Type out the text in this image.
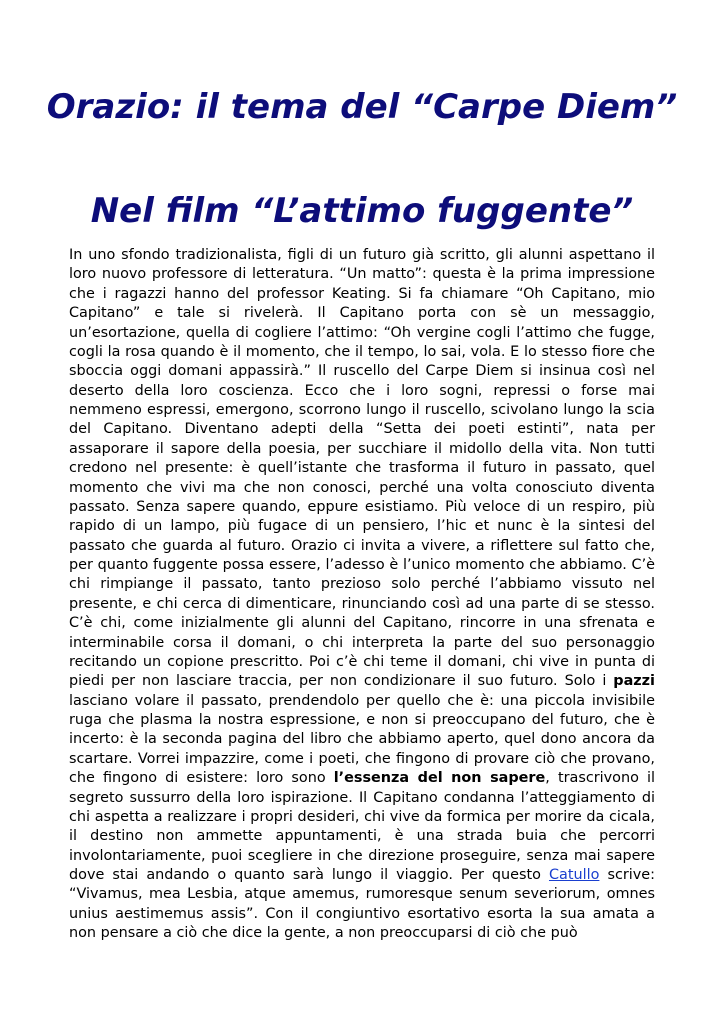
Orazio: il tema del “Carpe Diem”
Nel film “L’attimo fuggente”

In uno sfondo tradizionalista, figli di un futuro già scritto, gli alunni aspettano il loro nuovo professore di letteratura. “Un matto”: questa è la prima impressione che i ragazzi hanno del professor Keating. Si fa chiamare “Oh Capitano, mio Capitano” e tale si rivelerà. Il Capitano porta con sè un messaggio, un’esortazione, quella di cogliere l’attimo: “Oh vergine cogli l’attimo che fugge, cogli la rosa quando è il momento, che il tempo, lo sai, vola. E lo stesso fiore che sboccia oggi domani appassirà.” Il ruscello del Carpe Diem si insinua così nel deserto della loro coscienza. Ecco che i loro sogni, repressi o forse mai nemmeno espressi, emergono, scorrono lungo il ruscello, scivolano lungo la scia del Capitano. Diventano adepti della “Setta dei poeti estinti”, nata per assaporare il sapore della poesia, per succhiare il midollo della vita. Non tutti credono nel presente: è quell’istante che trasforma il futuro in passato, quel momento che vivi ma che non conosci, perché una volta conosciuto diventa passato. Senza sapere quando, eppure esistiamo. Più veloce di un respiro, più rapido di un lampo, più fugace di un pensiero, l’hic et nunc è la sintesi del passato che guarda al futuro. Orazio ci invita a vivere, a riflettere sul fatto che, per quanto fuggente possa essere, l’adesso è l’unico momento che abbiamo. C’è chi rimpiange il passato, tanto prezioso solo perché l’abbiamo vissuto nel presente, e chi cerca di dimenticare, rinunciando così ad una parte di se stesso. C’è chi, come inizialmente gli alunni del Capitano, rincorre in una sfrenata e interminabile corsa il domani, o chi interpreta la parte del suo personaggio recitando un copione prescritto. Poi c’è chi teme il domani, chi vive in punta di piedi per non lasciare traccia, per non condizionare il suo futuro. Solo i pazzi lasciano volare il passato, prendendolo per quello che è: una piccola invisibile ruga che plasma la nostra espressione, e non si preoccupano del futuro, che è incerto: è la seconda pagina del libro che abbiamo aperto, quel dono ancora da scartare. Vorrei impazzire, come i poeti, che fingono di provare ciò che provano, che fingono di esistere: loro sono l’essenza del non sapere, trascrivono il segreto sussurro della loro ispirazione. Il Capitano condanna l’atteggiamento di chi aspetta a realizzare i propri desideri, chi vive da formica per morire da cicala, il destino non ammette appuntamenti, è una strada buia che percorri involontariamente, puoi scegliere in che direzione proseguire, senza mai sapere dove stai andando o quanto sarà lungo il viaggio. Per questo Catullo scrive: “Vivamus, mea Lesbia, atque amemus, rumoresque senum severiorum, omnes unius aestimemus assis”. Con il congiuntivo esortativo esorta la sua amata a non pensare a ciò che dice la gente, a non preoccuparsi di ciò che può
